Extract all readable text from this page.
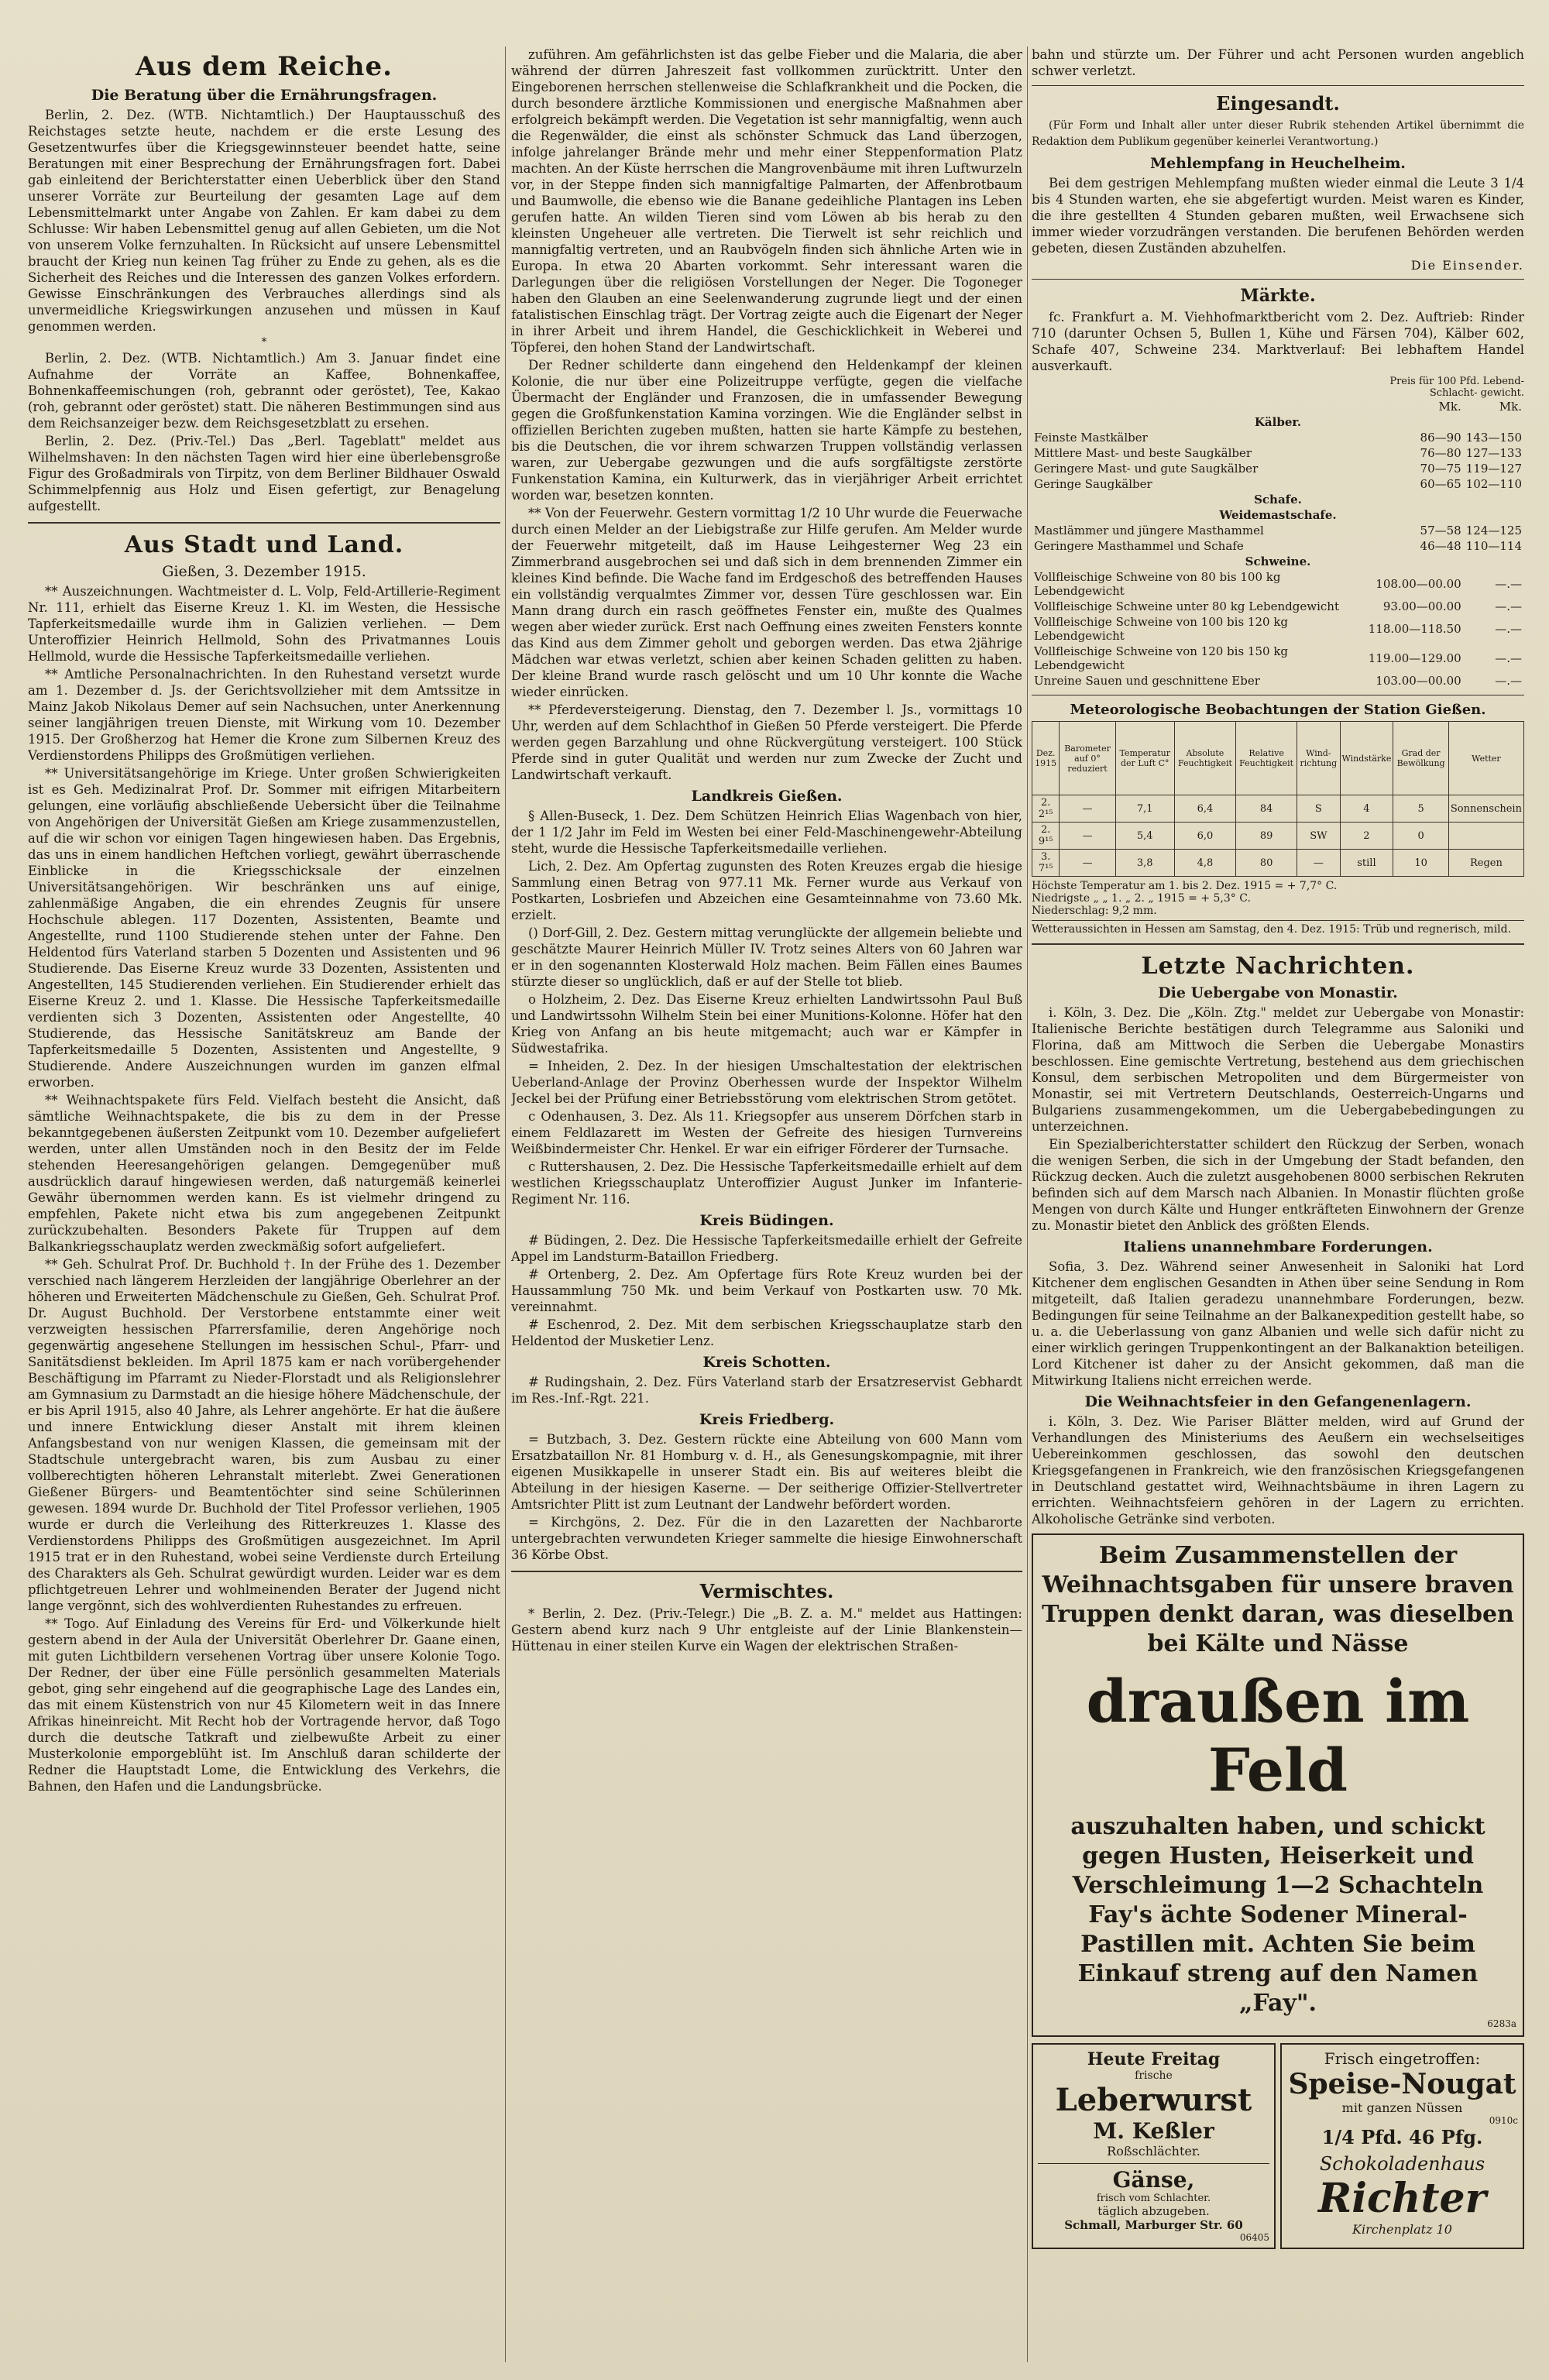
Aus dem Reiche.
Die Beratung über die Ernährungsfragen.

Berlin, 2. Dez. (WTB. Nichtamtlich.) Der Hauptausschuß des Reichstages setzte heute, nachdem er die erste Lesung des Gesetzentwurfes über die Kriegsgewinnsteuer beendet hatte, seine Beratungen mit einer Besprechung der Ernährungsfragen fort. Dabei gab einleitend der Berichterstatter einen Ueberblick über den Stand unserer Vorräte zur Beurteilung der gesamten Lage auf dem Lebensmittelmarkt unter Angabe von Zahlen. Er kam dabei zu dem Schlusse: Wir haben Lebensmittel genug auf allen Gebieten, um die Not von unserem Volke fernzuhalten. In Rücksicht auf unsere Lebensmittel braucht der Krieg nun keinen Tag früher zu Ende zu gehen, als es die Sicherheit des Reiches und die Interessen des ganzen Volkes erfordern. Gewisse Einschränkungen des Verbrauches allerdings sind als unvermeidliche Kriegswirkungen anzusehen und müssen in Kauf genommen werden.

*

Berlin, 2. Dez. (WTB. Nichtamtlich.) Am 3. Januar findet eine Aufnahme der Vorräte an Kaffee, Bohnenkaffee, Bohnenkaffeemischungen (roh, gebrannt oder geröstet), Tee, Kakao (roh, gebrannt oder geröstet) statt. Die näheren Bestimmungen sind aus dem Reichsanzeiger bezw. dem Reichsgesetzblatt zu ersehen.

Berlin, 2. Dez. (Priv.-Tel.) Das „Berl. Tageblatt" meldet aus Wilhelmshaven: In den nächsten Tagen wird hier eine überlebensgroße Figur des Großadmirals von Tirpitz, von dem Berliner Bildhauer Oswald Schimmelpfennig aus Holz und Eisen gefertigt, zur Benagelung aufgestellt.

Aus Stadt und Land.
Gießen, 3. Dezember 1915.

** Auszeichnungen. Wachtmeister d. L. Volp, Feld-Artillerie-Regiment Nr. 111, erhielt das Eiserne Kreuz 1. Kl. im Westen, die Hessische Tapferkeitsmedaille wurde ihm in Galizien verliehen. — Dem Unteroffizier Heinrich Hellmold, Sohn des Privatmannes Louis Hellmold, wurde die Hessische Tapferkeitsmedaille verliehen.

** Amtliche Personalnachrichten. In den Ruhestand versetzt wurde am 1. Dezember d. Js. der Gerichtsvollzieher mit dem Amtssitze in Mainz Jakob Nikolaus Demer auf sein Nachsuchen, unter Anerkennung seiner langjährigen treuen Dienste, mit Wirkung vom 10. Dezember 1915. Der Großherzog hat Hemer die Krone zum Silbernen Kreuz des Verdienstordens Philipps des Großmütigen verliehen.

** Universitätsangehörige im Kriege. Unter großen Schwierigkeiten ist es Geh. Medizinalrat Prof. Dr. Sommer mit eifrigen Mitarbeitern gelungen, eine vorläufig abschließende Uebersicht über die Teilnahme von Angehörigen der Universität Gießen am Kriege zusammenzustellen, auf die wir schon vor einigen Tagen hingewiesen haben. Das Ergebnis, das uns in einem handlichen Heftchen vorliegt, gewährt überraschende Einblicke in die Kriegsschicksale der einzelnen Universitätsangehörigen. Wir beschränken uns auf einige, zahlenmäßige Angaben, die ein ehrendes Zeugnis für unsere Hochschule ablegen. 117 Dozenten, Assistenten, Beamte und Angestellte, rund 1100 Studierende stehen unter der Fahne. Den Heldentod fürs Vaterland starben 5 Dozenten und Assistenten und 96 Studierende. Das Eiserne Kreuz wurde 33 Dozenten, Assistenten und Angestellten, 145 Studierenden verliehen. Ein Studierender erhielt das Eiserne Kreuz 2. und 1. Klasse. Die Hessische Tapferkeitsmedaille verdienten sich 3 Dozenten, Assistenten oder Angestellte, 40 Studierende, das Hessische Sanitätskreuz am Bande der Tapferkeitsmedaille 5 Dozenten, Assistenten und Angestellte, 9 Studierende. Andere Auszeichnungen wurden im ganzen elfmal erworben.

** Weihnachtspakete fürs Feld. Vielfach besteht die Ansicht, daß sämtliche Weihnachtspakete, die bis zu dem in der Presse bekanntgegebenen äußersten Zeitpunkt vom 10. Dezember aufgeliefert werden, unter allen Umständen noch in den Besitz der im Felde stehenden Heeresangehörigen gelangen. Demgegenüber muß ausdrücklich darauf hingewiesen werden, daß naturgemäß keinerlei Gewähr übernommen werden kann. Es ist vielmehr dringend zu empfehlen, Pakete nicht etwa bis zum angegebenen Zeitpunkt zurückzubehalten. Besonders Pakete für Truppen auf dem Balkankriegsschauplatz werden zweckmäßig sofort aufgeliefert.

** Geh. Schulrat Prof. Dr. Buchhold †. In der Frühe des 1. Dezember verschied nach längerem Herzleiden der langjährige Oberlehrer an der höheren und Erweiterten Mädchenschule zu Gießen, Geh. Schulrat Prof. Dr. August Buchhold. Der Verstorbene entstammte einer weit verzweigten hessischen Pfarrersfamilie, deren Angehörige noch gegenwärtig angesehene Stellungen im hessischen Schul-, Pfarr- und Sanitätsdienst bekleiden. Im April 1875 kam er nach vorübergehender Beschäftigung im Pfarramt zu Nieder-Florstadt und als Religionslehrer am Gymnasium zu Darmstadt an die hiesige höhere Mädchenschule, der er bis April 1915, also 40 Jahre, als Lehrer angehörte. Er hat die äußere und innere Entwicklung dieser Anstalt mit ihrem kleinen Anfangsbestand von nur wenigen Klassen, die gemeinsam mit der Stadtschule untergebracht waren, bis zum Ausbau zu einer vollberechtigten höheren Lehranstalt miterlebt. Zwei Generationen Gießener Bürgers- und Beamtentöchter sind seine Schülerinnen gewesen. 1894 wurde Dr. Buchhold der Titel Professor verliehen, 1905 wurde er durch die Verleihung des Ritterkreuzes 1. Klasse des Verdienstordens Philipps des Großmütigen ausgezeichnet. Im April 1915 trat er in den Ruhestand, wobei seine Verdienste durch Erteilung des Charakters als Geh. Schulrat gewürdigt wurden. Leider war es dem pflichtgetreuen Lehrer und wohlmeinenden Berater der Jugend nicht lange vergönnt, sich des wohlverdienten Ruhestandes zu erfreuen.

** Togo. Auf Einladung des Vereins für Erd- und Völkerkunde hielt gestern abend in der Aula der Universität Oberlehrer Dr. Gaane einen, mit guten Lichtbildern versehenen Vortrag über unsere Kolonie Togo. Der Redner, der über eine Fülle persönlich gesammelten Materials gebot, ging sehr eingehend auf die geographische Lage des Landes ein, das mit einem Küstenstrich von nur 45 Kilometern weit in das Innere Afrikas hineinreicht. Mit Recht hob der Vortragende hervor, daß Togo durch die deutsche Tatkraft und zielbewußte Arbeit zu einer Musterkolonie emporgeblüht ist. Im Anschluß daran schilderte der Redner die Hauptstadt Lome, die Entwicklung des Verkehrs, die Bahnen, den Hafen und die Landungsbrücke.

zuführen. Am gefährlichsten ist das gelbe Fieber und die Malaria, die aber während der dürren Jahreszeit fast vollkommen zurücktritt. Unter den Eingeborenen herrschen stellenweise die Schlafkrankheit und die Pocken, die durch besondere ärztliche Kommissionen und energische Maßnahmen aber erfolgreich bekämpft werden. Die Vegetation ist sehr mannigfaltig, wenn auch die Regenwälder, die einst als schönster Schmuck das Land überzogen, infolge jahrelanger Brände mehr und mehr einer Steppenformation Platz machten. An der Küste herrschen die Mangrovenbäume mit ihren Luftwurzeln vor, in der Steppe finden sich mannigfaltige Palmarten, der Affenbrotbaum und Baumwolle, die ebenso wie die Banane gedeihliche Plantagen ins Leben gerufen hatte. An wilden Tieren sind vom Löwen ab bis herab zu den kleinsten Ungeheuer alle vertreten. Die Tierwelt ist sehr reichlich und mannigfaltig vertreten, und an Raubvögeln finden sich ähnliche Arten wie in Europa. In etwa 20 Abarten vorkommt. Sehr interessant waren die Darlegungen über die religiösen Vorstellungen der Neger. Die Togoneger haben den Glauben an eine Seelenwanderung zugrunde liegt und der einen fatalistischen Einschlag trägt. Der Vortrag zeigte auch die Eigenart der Neger in ihrer Arbeit und ihrem Handel, die Geschicklichkeit in Weberei und Töpferei, den hohen Stand der Landwirtschaft.

Der Redner schilderte dann eingehend den Heldenkampf der kleinen Kolonie, die nur über eine Polizeitruppe verfügte, gegen die vielfache Übermacht der Engländer und Franzosen, die in umfassender Bewegung gegen die Großfunkenstation Kamina vorzingen. Wie die Engländer selbst in offiziellen Berichten zugeben mußten, hatten sie harte Kämpfe zu bestehen, bis die Deutschen, die vor ihrem schwarzen Truppen vollständig verlassen waren, zur Uebergabe gezwungen und die aufs sorgfältigste zerstörte Funkenstation Kamina, ein Kulturwerk, das in vierjähriger Arbeit errichtet worden war, besetzen konnten.

** Von der Feuerwehr. Gestern vormittag 1/2 10 Uhr wurde die Feuerwache durch einen Melder an der Liebigstraße zur Hilfe gerufen. Am Melder wurde der Feuerwehr mitgeteilt, daß im Hause Leihgesterner Weg 23 ein Zimmerbrand ausgebrochen sei und daß sich in dem brennenden Zimmer ein kleines Kind befinde. Die Wache fand im Erdgeschoß des betreffenden Hauses ein vollständig verqualmtes Zimmer vor, dessen Türe geschlossen war. Ein Mann drang durch ein rasch geöffnetes Fenster ein, mußte des Qualmes wegen aber wieder zurück. Erst nach Oeffnung eines zweiten Fensters konnte das Kind aus dem Zimmer geholt und geborgen werden. Das etwa 2jährige Mädchen war etwas verletzt, schien aber keinen Schaden gelitten zu haben. Der kleine Brand wurde rasch gelöscht und um 10 Uhr konnte die Wache wieder einrücken.

** Pferdeversteigerung. Dienstag, den 7. Dezember l. Js., vormittags 10 Uhr, werden auf dem Schlachthof in Gießen 50 Pferde versteigert. Die Pferde werden gegen Barzahlung und ohne Rückvergütung versteigert. 100 Stück Pferde sind in guter Qualität und werden nur zum Zwecke der Zucht und Landwirtschaft verkauft.

Landkreis Gießen.

§ Allen-Buseck, 1. Dez. Dem Schützen Heinrich Elias Wagenbach von hier, der 1 1/2 Jahr im Feld im Westen bei einer Feld-Maschinengewehr-Abteilung steht, wurde die Hessische Tapferkeitsmedaille verliehen.

Lich, 2. Dez. Am Opfertag zugunsten des Roten Kreuzes ergab die hiesige Sammlung einen Betrag von 977.11 Mk. Ferner wurde aus Verkauf von Postkarten, Losbriefen und Abzeichen eine Gesamteinnahme von 73.60 Mk. erzielt.

() Dorf-Gill, 2. Dez. Gestern mittag verunglückte der allgemein beliebte und geschätzte Maurer Heinrich Müller IV. Trotz seines Alters von 60 Jahren war er in den sogenannten Klosterwald Holz machen. Beim Fällen eines Baumes stürzte dieser so unglücklich, daß er auf der Stelle tot blieb.

o Holzheim, 2. Dez. Das Eiserne Kreuz erhielten Landwirtssohn Paul Buß und Landwirtssohn Wilhelm Stein bei einer Munitions-Kolonne. Höfer hat den Krieg von Anfang an bis heute mitgemacht; auch war er Kämpfer in Südwestafrika.

= Inheiden, 2. Dez. In der hiesigen Umschaltestation der elektrischen Ueberland-Anlage der Provinz Oberhessen wurde der Inspektor Wilhelm Jeckel bei der Prüfung einer Betriebsstörung vom elektrischen Strom getötet.

c Odenhausen, 3. Dez. Als 11. Kriegsopfer aus unserem Dörfchen starb in einem Feldlazarett im Westen der Gefreite des hiesigen Turnvereins Weißbindermeister Chr. Henkel. Er war ein eifriger Förderer der Turnsache.

c Ruttershausen, 2. Dez. Die Hessische Tapferkeitsmedaille erhielt auf dem westlichen Kriegsschauplatz Unteroffizier August Junker im Infanterie-Regiment Nr. 116.

Kreis Büdingen.

# Büdingen, 2. Dez. Die Hessische Tapferkeitsmedaille erhielt der Gefreite Appel im Landsturm-Bataillon Friedberg.

# Ortenberg, 2. Dez. Am Opfertage fürs Rote Kreuz wurden bei der Haussammlung 750 Mk. und beim Verkauf von Postkarten usw. 70 Mk. vereinnahmt.

# Eschenrod, 2. Dez. Mit dem serbischen Kriegsschauplatze starb den Heldentod der Musketier Lenz.

Kreis Schotten.

# Rudingshain, 2. Dez. Fürs Vaterland starb der Ersatzreservist Gebhardt im Res.-Inf.-Rgt. 221.

Kreis Friedberg.

= Butzbach, 3. Dez. Gestern rückte eine Abteilung von 600 Mann vom Ersatzbataillon Nr. 81 Homburg v. d. H., als Genesungskompagnie, mit ihrer eigenen Musikkapelle in unserer Stadt ein. Bis auf weiteres bleibt die Abteilung in der hiesigen Kaserne. — Der seitherige Offizier-Stellvertreter Amtsrichter Plitt ist zum Leutnant der Landwehr befördert worden.

= Kirchgöns, 2. Dez. Für die in den Lazaretten der Nachbarorte untergebrachten verwundeten Krieger sammelte die hiesige Einwohnerschaft 36 Körbe Obst.

Vermischtes.

* Berlin, 2. Dez. (Priv.-Telegr.) Die „B. Z. a. M." meldet aus Hattingen: Gestern abend kurz nach 9 Uhr entgleiste auf der Linie Blankenstein—Hüttenau in einer steilen Kurve ein Wagen der elektrischen Straßen-

bahn und stürzte um. Der Führer und acht Personen wurden angeblich schwer verletzt.

Eingesandt.

(Für Form und Inhalt aller unter dieser Rubrik stehenden Artikel übernimmt die Redaktion dem Publikum gegenüber keinerlei Verantwortung.)

Mehlempfang in Heuchelheim.

Bei dem gestrigen Mehlempfang mußten wieder einmal die Leute 3 1/4 bis 4 Stunden warten, ehe sie abgefertigt wurden. Meist waren es Kinder, die ihre gestellten 4 Stunden gebaren mußten, weil Erwachsene sich immer wieder vorzudrängen verstanden. Die berufenen Behörden werden gebeten, diesen Zuständen abzuhelfen.

Die Einsender.
Märkte.

fc. Frankfurt a. M. Viehhofmarktbericht vom 2. Dez. Auftrieb: Rinder 710 (darunter Ochsen 5, Bullen 1, Kühe und Färsen 704), Kälber 602, Schafe 407, Schweine 234. Marktverlauf: Bei lebhaftem Handel ausverkauft.

Preis für 100 Pfd. Lebend- Schlacht- gewicht.
	Mk.	Mk.
Kälber.		
Feinste Mastkälber	86—90	143—150
Mittlere Mast- und beste Saugkälber	76—80	127—133
Geringere Mast- und gute Saugkälber	70—75	119—127
Geringe Saugkälber	60—65	102—110
Schafe.		
Weidemastschafe.		
Mastlämmer und jüngere Masthammel	57—58	124—125
Geringere Masthammel und Schafe	46—48	110—114
Schweine.		
Vollfleischige Schweine von 80 bis 100 kg Lebendgewicht	108.00—00.00	—.—
Vollfleischige Schweine unter 80 kg Lebendgewicht	93.00—00.00	—.—
Vollfleischige Schweine von 100 bis 120 kg Lebendgewicht	118.00—118.50	—.—
Vollfleischige Schweine von 120 bis 150 kg Lebendgewicht	119.00—129.00	—.—
Unreine Sauen und geschnittene Eber	103.00—00.00	—.—
Meteorologische Beobachtungen der Station Gießen.
Dez. 1915	Barometer auf 0° reduziert	Temperatur der Luft C°	Absolute Feuchtigkeit	Relative Feuchtigkeit	Wind-richtung	Windstärke	Grad der Bewölkung	Wetter
2. 2¹⁵	—	7,1	6,4	84	S	4	5	Sonnenschein
2. 9¹⁵	—	5,4	6,0	89	SW	2	0	
3. 7¹⁵	—	3,8	4,8	80	—	still	10	Regen
Höchste Temperatur am 1. bis 2. Dez. 1915 = + 7,7° C.
Niedrigste „ „ 1. „ 2. „ 1915 = + 5,3° C.
Niederschlag: 9,2 mm.
Wetteraussichten in Hessen am Samstag, den 4. Dez. 1915: Trüb und regnerisch, mild.
Letzte Nachrichten.
Die Uebergabe von Monastir.

i. Köln, 3. Dez. Die „Köln. Ztg." meldet zur Uebergabe von Monastir: Italienische Berichte bestätigen durch Telegramme aus Saloniki und Florina, daß am Mittwoch die Serben die Uebergabe Monastirs beschlossen. Eine gemischte Vertretung, bestehend aus dem griechischen Konsul, dem serbischen Metropoliten und dem Bürgermeister von Monastir, sei mit Vertretern Deutschlands, Oesterreich-Ungarns und Bulgariens zusammengekommen, um die Uebergabebedingungen zu unterzeichnen.

Ein Spezialberichterstatter schildert den Rückzug der Serben, wonach die wenigen Serben, die sich in der Umgebung der Stadt befanden, den Rückzug decken. Auch die zuletzt ausgehobenen 8000 serbischen Rekruten befinden sich auf dem Marsch nach Albanien. In Monastir flüchten große Mengen von durch Kälte und Hunger entkräfteten Einwohnern der Grenze zu. Monastir bietet den Anblick des größten Elends.

Italiens unannehmbare Forderungen.

Sofia, 3. Dez. Während seiner Anwesenheit in Saloniki hat Lord Kitchener dem englischen Gesandten in Athen über seine Sendung in Rom mitgeteilt, daß Italien geradezu unannehmbare Forderungen, bezw. Bedingungen für seine Teilnahme an der Balkanexpedition gestellt habe, so u. a. die Ueberlassung von ganz Albanien und welle sich dafür nicht zu einer wirklich geringen Truppenkontingent an der Balkanaktion beteiligen. Lord Kitchener ist daher zu der Ansicht gekommen, daß man die Mitwirkung Italiens nicht erreichen werde.

Die Weihnachtsfeier in den Gefangenenlagern.

i. Köln, 3. Dez. Wie Pariser Blätter melden, wird auf Grund der Verhandlungen des Ministeriums des Aeußern ein wechselseitiges Uebereinkommen geschlossen, das sowohl den deutschen Kriegsgefangenen in Frankreich, wie den französischen Kriegsgefangenen in Deutschland gestattet wird, Weihnachtsbäume in ihren Lagern zu errichten. Weihnachtsfeiern gehören in der Lagern zu errichten. Alkoholische Getränke sind verboten.

Beim Zusammenstellen der Weihnachtsgaben für unsere braven Truppen denkt daran, was dieselben bei Kälte und Nässe
draußen im Feld
auszuhalten haben, und schickt gegen Husten, Heiserkeit und Verschleimung 1—2 Schachteln Fay's ächte Sodener Mineral-Pastillen mit. Achten Sie beim Einkauf streng auf den Namen „Fay".
6283a
Heute Freitag
frische
Leberwurst
M. Keßler
Roßschlächter.
Gänse,
frisch vom Schlachter.
täglich abzugeben.
Schmall, Marburger Str. 60
06405
Frisch eingetroffen:
Speise-Nougat
mit ganzen Nüssen
0910c
1/4 Pfd. 46 Pfg.
Schokoladenhaus
Richter
Kirchenplatz 10
